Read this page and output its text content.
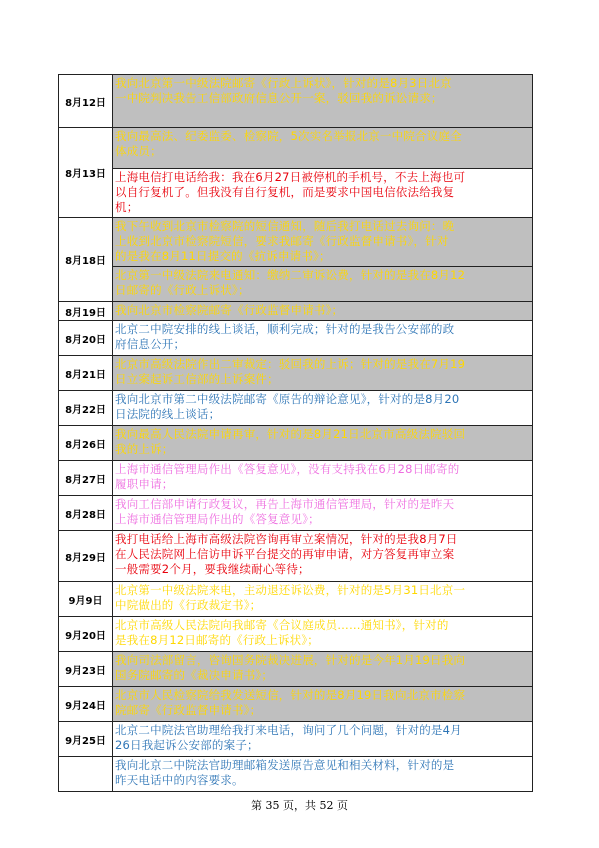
8月12日
我向北京第一中级法院邮寄《行政上诉状》，针对的是8月3日北京
一中院判决我告工信部政府信息公开一案，驳回我的诉讼请求；
8月13日
我向最高法、纪委监委、检察院，5次实名举报北京一中院合议庭全
体成员；
上海电信打电话给我：我在6月27日被停机的手机号，不去上海也可
以自行复机了。但我没有自行复机，而是要求中国电信依法给我复
机；
8月18日
我下午收到北京市检察院的短信通知，随后我打电话过去询问：晚
上收到北京市检察院短信，要求我邮寄《行政监督申请书》，针对
的是我在8月11日提交的《抗诉申请书》；
北京第一中级法院来电通知：缴纳二审诉讼费，针对的是我在8月12
日邮寄的《行政上诉状》；
8月19日 我向北京市检察院邮寄《行政监督申请书》；
8月20日
北京二中院安排的线上谈话，顺利完成；针对的是我告公安部的政
府信息公开；
8月21日
北京市高级法院作出二审裁定：驳回我的上诉；针对的是我在7月19
日立案起诉工信部的上诉案件；
8月22日
我向北京市第二中级法院邮寄《原告的辩论意见》，针对的是8月20
日法院的线上谈话；
8月26日
我向最高人民法院申请再审，针对的是8月21日北京市高级法院驳回
我的上诉；
8月27日
上海市通信管理局作出《答复意见》，没有支持我在6月28日邮寄的
履职申请；
8月28日
我向工信部申请行政复议，再告上海市通信管理局，针对的是昨天
上海市通信管理局作出的《答复意见》；
8月29日
我打电话给上海市高级法院咨询再审立案情况，针对的是我8月7日
在人民法院网上信访申诉平台提交的再审申请，对方答复再审立案
一般需要2个月，要我继续耐心等待；
9月9日
北京第一中级法院来电，主动退还诉讼费，针对的是5月31日北京一
中院做出的《行政裁定书》；
9月20日
北京市高级人民法院向我邮寄《合议庭成员……通知书》，针对的
是我在8月12日邮寄的《行政上诉状》；
9月23日
我向司法部留言，咨询国务院裁决进展，针对的是今年1月19日我向
国务院邮寄的《裁决申请书》；
9月24日
北京市人民检察院给我发送短信，针对的是8月19日我向北京市检察
院邮寄《行政监督申请书》；
9月25日
北京二中院法官助理给我打来电话，询问了几个问题，针对的是4月
26日我起诉公安部的案子；
我向北京二中院法官助理邮箱发送原告意见和相关材料，针对的是
昨天电话中的内容要求。
第 35 页，共 52 页
